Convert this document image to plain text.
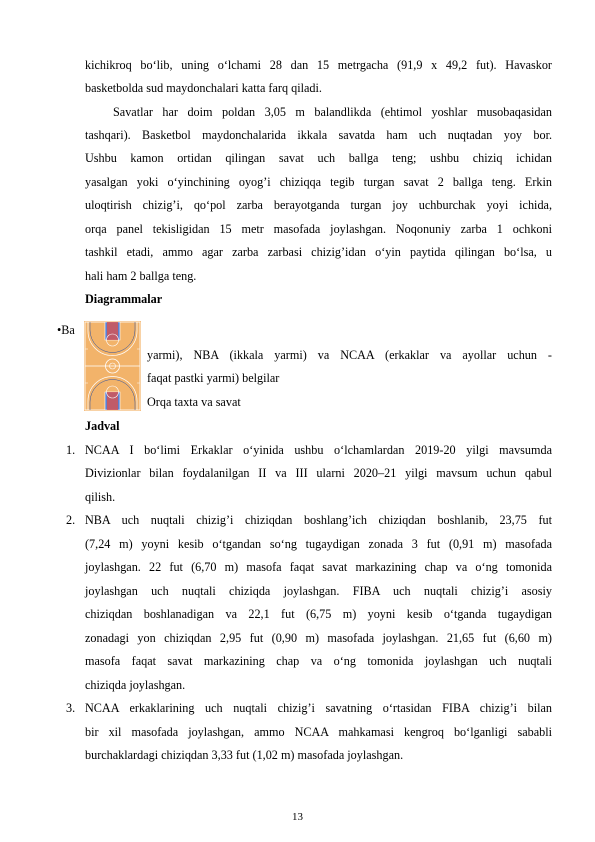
kichikroq bo‘lib, uning o‘lchami 28 dan 15 metrgacha (91,9 x 49,2 fut). Havaskor
basketbolda sud maydonchalari katta farq qiladi.
Savatlar har doim poldan 3,05 m balandlikda (ehtimol yoshlar musobaqasidan
tashqari). Basketbol maydonchalarida ikkala savatda ham uch nuqtadan yoy bor.
Ushbu kamon ortidan qilingan savat uch ballga teng; ushbu chiziq ichidan
yasalgan yoki o‘yinchining oyog’i chiziqqa tegib turgan savat 2 ballga teng. Erkin
uloqtirish chizig’i, qo‘pol zarba berayotganda turgan joy uchburchak yoyi ichida,
orqa panel tekisligidan 15 metr masofada joylashgan. Noqonuniy zarba 1 ochkoni
tashkil etadi, ammo agar zarba zarbasi chizig’idan o‘yin paytida qilingan bo‘lsa, u
hali ham 2 ballga teng.
Diagrammalar
•Ba
yarmi), NBA (ikkala yarmi) va NCAA (erkaklar va ayollar uchun -
faqat pastki yarmi) belgilar
Orqa taxta va savat
Jadval
1. NCAA I bo‘limi Erkaklar o‘yinida ushbu o‘lchamlardan 2019-20 yilgi mavsumda
Divizionlar bilan foydalanilgan II va III ularni 2020–21 yilgi mavsum uchun qabul
qilish.
2. NBA uch nuqtali chizig’i chiziqdan boshlang’ich chiziqdan boshlanib, 23,75 fut
(7,24 m) yoyni kesib o‘tgandan so‘ng tugaydigan zonada 3 fut (0,91 m) masofada
joylashgan. 22 fut (6,70 m) masofa faqat savat markazining chap va o‘ng tomonida
joylashgan uch nuqtali chiziqda joylashgan. FIBA uch nuqtali chizig’i asosiy
chiziqdan boshlanadigan va 22,1 fut (6,75 m) yoyni kesib o‘tganda tugaydigan
zonadagi yon chiziqdan 2,95 fut (0,90 m) masofada joylashgan. 21,65 fut (6,60 m)
masofa faqat savat markazining chap va o‘ng tomonida joylashgan uch nuqtali
chiziqda joylashgan.
3. NCAA erkaklarining uch nuqtali chizig’i savatning o‘rtasidan FIBA chizig’i bilan
bir xil masofada joylashgan, ammo NCAA mahkamasi kengroq bo‘lganligi sababli
burchaklardagi chiziqdan 3,33 fut (1,02 m) masofada joylashgan.
13
